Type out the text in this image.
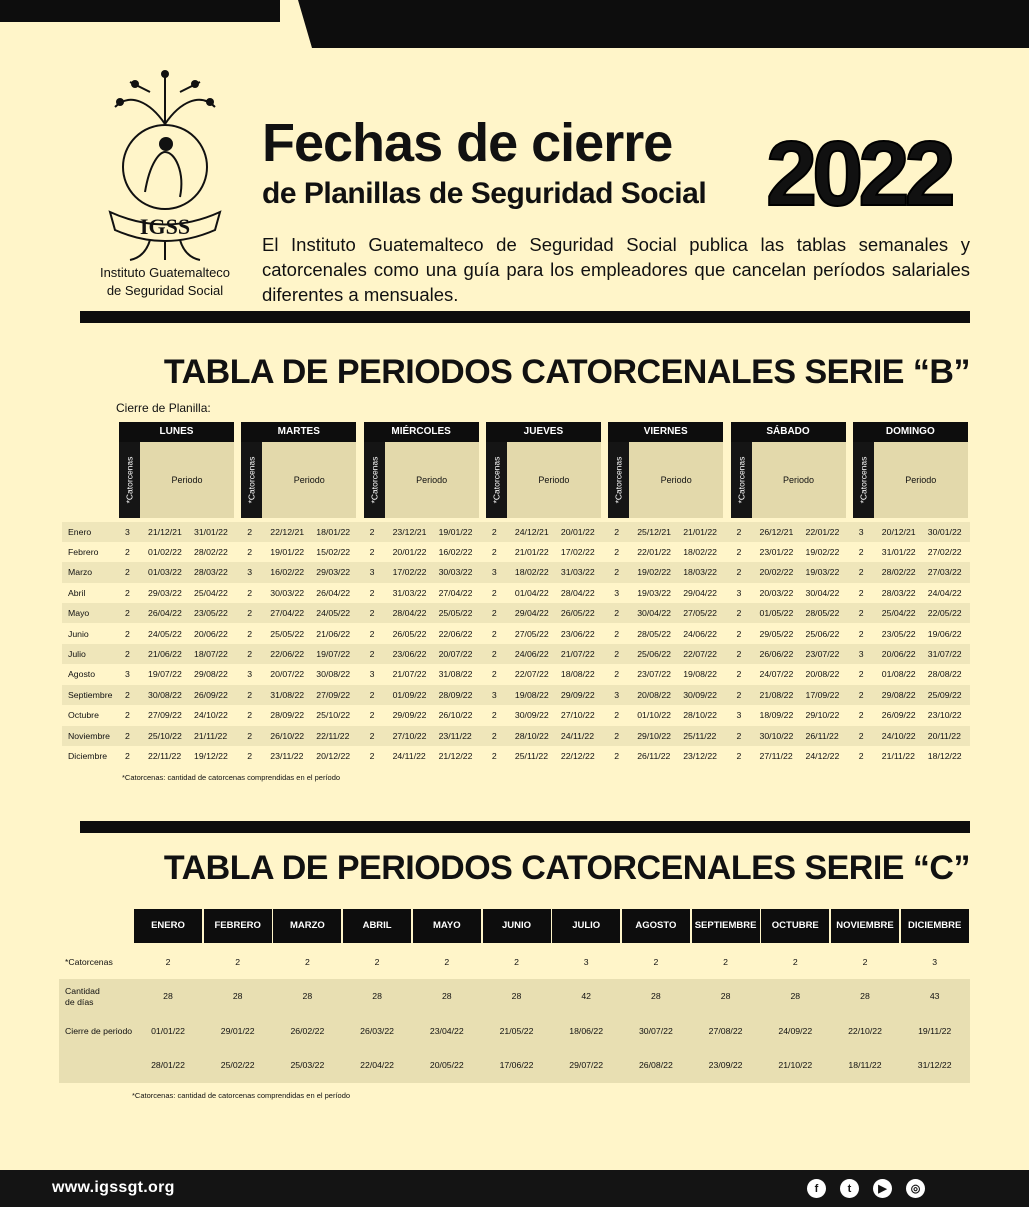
IGSS
Instituto Guatemalteco
de Seguridad Social
Fechas de cierre
de Planillas de Seguridad Social 2022

El Instituto Guatemalteco de Seguridad Social publica las tablas semanales y catorcenales como una guía para los empleadores que cancelan períodos salariales diferentes a mensuales.

TABLA DE PERIODOS CATORCENALES SERIE “B”
Cierre de Planilla:
LUNES
*Catorcenas	Periodo
MARTES
*Catorcenas	Periodo
MIÉRCOLES
*Catorcenas	Periodo
JUEVES
*Catorcenas	Periodo
VIERNES
*Catorcenas	Periodo
SÁBADO
*Catorcenas	Periodo
DOMINGO
*Catorcenas	Periodo
Enero	3 21/12/21 31/01/22 2 22/12/21 18/01/22 2 23/12/21 19/01/22 2 24/12/21 20/01/22 2 25/12/21 21/01/22 2 26/12/21 22/01/22 3 20/12/21 30/01/22
Febrero	2 01/02/22 28/02/22 2 19/01/22 15/02/22 2 20/01/22 16/02/22 2 21/01/22 17/02/22 2 22/01/22 18/02/22 2 23/01/22 19/02/22 2 31/01/22 27/02/22
Marzo	2 01/03/22 28/03/22 3 16/02/22 29/03/22 3 17/02/22 30/03/22 3 18/02/22 31/03/22 2 19/02/22 18/03/22 2 20/02/22 19/03/22 2 28/02/22 27/03/22
Abril	2 29/03/22 25/04/22 2 30/03/22 26/04/22 2 31/03/22 27/04/22 2 01/04/22 28/04/22 3 19/03/22 29/04/22 3 20/03/22 30/04/22 2 28/03/22 24/04/22
Mayo	2 26/04/22 23/05/22 2 27/04/22 24/05/22 2 28/04/22 25/05/22 2 29/04/22 26/05/22 2 30/04/22 27/05/22 2 01/05/22 28/05/22 2 25/04/22 22/05/22
Junio	2 24/05/22 20/06/22 2 25/05/22 21/06/22 2 26/05/22 22/06/22 2 27/05/22 23/06/22 2 28/05/22 24/06/22 2 29/05/22 25/06/22 2 23/05/22 19/06/22
Julio	2 21/06/22 18/07/22 2 22/06/22 19/07/22 2 23/06/22 20/07/22 2 24/06/22 21/07/22 2 25/06/22 22/07/22 2 26/06/22 23/07/22 3 20/06/22 31/07/22
Agosto	3 19/07/22 29/08/22 3 20/07/22 30/08/22 3 21/07/22 31/08/22 2 22/07/22 18/08/22 2 23/07/22 19/08/22 2 24/07/22 20/08/22 2 01/08/22 28/08/22
Septiembre 2 30/08/22 26/09/22 2 31/08/22 27/09/22 2 01/09/22 28/09/22 3 19/08/22 29/09/22 3 20/08/22 30/09/22 2 21/08/22 17/09/22 2 29/08/22 25/09/22
Octubre	2 27/09/22 24/10/22 2 28/09/22 25/10/22 2 29/09/22 26/10/22 2 30/09/22 27/10/22 2 01/10/22 28/10/22 3 18/09/22 29/10/22 2 26/09/22 23/10/22
Noviembre 2 25/10/22 21/11/22 2 26/10/22 22/11/22 2 27/10/22 23/11/22 2 28/10/22 24/11/22 2 29/10/22 25/11/22 2 30/10/22 26/11/22 2 24/10/22 20/11/22
Diciembre 2 22/11/22 19/12/22 2 23/11/22 20/12/22 2 24/11/22 21/12/22 2 25/11/22 22/12/22 2 26/11/22 23/12/22 2 27/11/22 24/12/22 2 21/11/22 18/12/22
*Catorcenas: cantidad de catorcenas comprendidas en el período
TABLA DE PERIODOS CATORCENALES SERIE “C”
ENERO	FEBRERO	MARZO	ABRIL	MAYO	JUNIO	JULIO	AGOSTO	SEPTIEMBRE	OCTUBRE	NOVIEMBRE	DICIEMBRE
*Catorcenas	2	2	2	2	2	2	3	2	2	2	2	3
Cantidad
de días
28	28	28	28	28	28	42	28	28	28	28	43
Cierre de periodo	01/01/22	29/01/22	26/02/22	26/03/22	23/04/22	21/05/22	18/06/22	30/07/22	27/08/22	24/09/22	22/10/22	19/11/22
28/01/22	25/02/22	25/03/22	22/04/22	20/05/22	17/06/22	29/07/22	26/08/22	23/09/22	21/10/22	18/11/22	31/12/22
*Catorcenas: cantidad de catorcenas comprendidas en el período
www.igssgt.org	f	t	▶	◎
